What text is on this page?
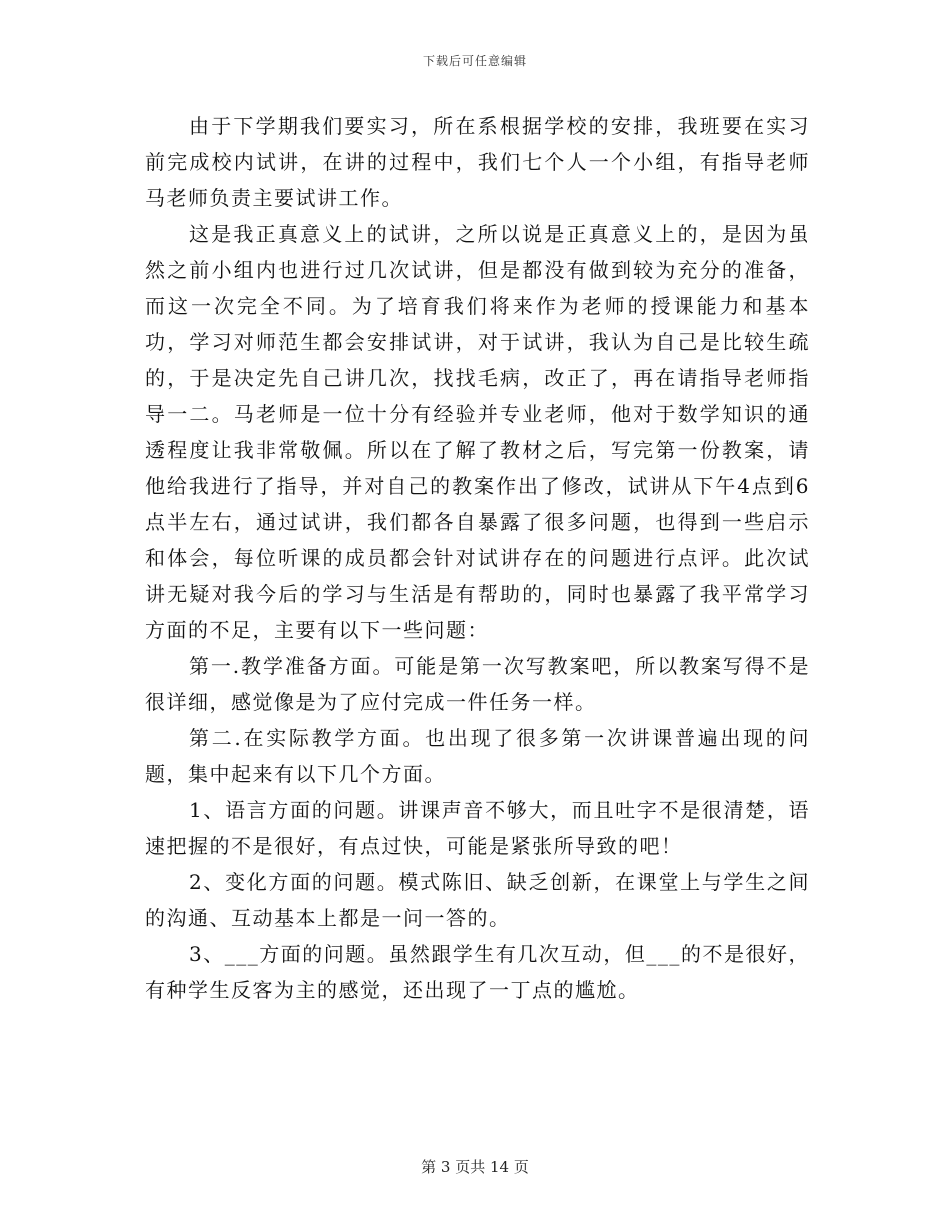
下载后可任意编辑

由于下学期我们要实习，所在系根据学校的安排，我班要在实习前完成校内试讲，在讲的过程中，我们七个人一个小组，有指导老师马老师负责主要试讲工作。

这是我正真意义上的试讲，之所以说是正真意义上的，是因为虽然之前小组内也进行过几次试讲，但是都没有做到较为充分的准备，而这一次完全不同。为了培育我们将来作为老师的授课能力和基本功，学习对师范生都会安排试讲，对于试讲，我认为自己是比较生疏的，于是决定先自己讲几次，找找毛病，改正了，再在请指导老师指导一二。马老师是一位十分有经验并专业老师，他对于数学知识的通透程度让我非常敬佩。所以在了解了教材之后，写完第一份教案，请他给我进行了指导，并对自己的教案作出了修改，试讲从下午4点到6点半左右，通过试讲，我们都各自暴露了很多问题，也得到一些启示和体会，每位听课的成员都会针对试讲存在的问题进行点评。此次试讲无疑对我今后的学习与生活是有帮助的，同时也暴露了我平常学习方面的不足，主要有以下一些问题：

第一.教学准备方面。可能是第一次写教案吧，所以教案写得不是很详细，感觉像是为了应付完成一件任务一样。

第二.在实际教学方面。也出现了很多第一次讲课普遍出现的问题，集中起来有以下几个方面。

1、语言方面的问题。讲课声音不够大，而且吐字不是很清楚，语速把握的不是很好，有点过快，可能是紧张所导致的吧！

2、变化方面的问题。模式陈旧、缺乏创新，在课堂上与学生之间的沟通、互动基本上都是一问一答的。

3、___方面的问题。虽然跟学生有几次互动，但___的不是很好，有种学生反客为主的感觉，还出现了一丁点的尴尬。

第 3 页共 14 页
